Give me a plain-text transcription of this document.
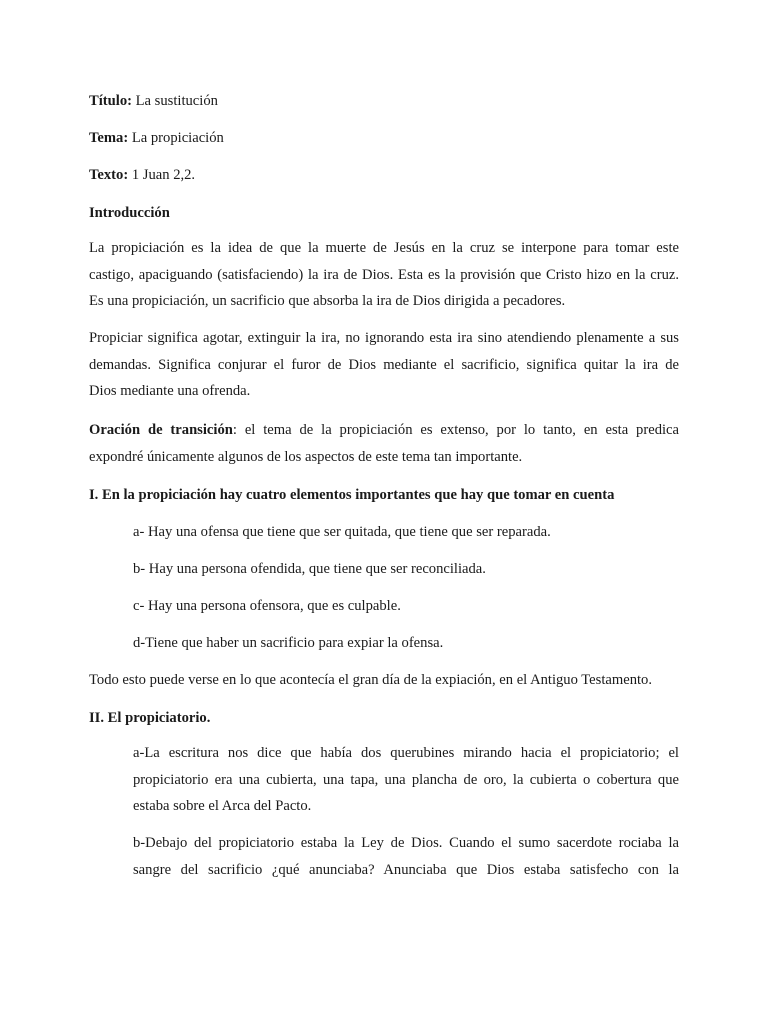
Título: La sustitución

Tema: La propiciación

Texto: 1 Juan 2,2.

Introducción

La propiciación es la idea de que la muerte de Jesús en la cruz se interpone para tomar este
castigo, apaciguando (satisfaciendo) la ira de Dios. Esta es la provisión que Cristo hizo en la cruz.
Es una propiciación, un sacrificio que absorba la ira de Dios dirigida a pecadores.
Propiciar significa agotar, extinguir la ira, no ignorando esta ira sino atendiendo plenamente a sus
demandas. Significa conjurar el furor de Dios mediante el sacrificio, significa quitar la ira de
Dios mediante una ofrenda.
Oración de transición: el tema de la propiciación es extenso, por lo tanto, en esta predica
expondré únicamente algunos de los aspectos de este tema tan importante.

I. En la propiciación hay cuatro elementos importantes que hay que tomar en cuenta

a- Hay una ofensa que tiene que ser quitada, que tiene que ser reparada.

b- Hay una persona ofendida, que tiene que ser reconciliada.

c- Hay una persona ofensora, que es culpable.

d-Tiene que haber un sacrificio para expiar la ofensa.

Todo esto puede verse en lo que acontecía el gran día de la expiación, en el Antiguo Testamento.

II. El propiciatorio.

a-La escritura nos dice que había dos querubines mirando hacia el propiciatorio; el
propiciatorio era una cubierta, una tapa, una plancha de oro, la cubierta o cobertura que
estaba sobre el Arca del Pacto.
b-Debajo del propiciatorio estaba la Ley de Dios. Cuando el sumo sacerdote rociaba la
sangre del sacrificio ¿qué anunciaba? Anunciaba que Dios estaba satisfecho con la
